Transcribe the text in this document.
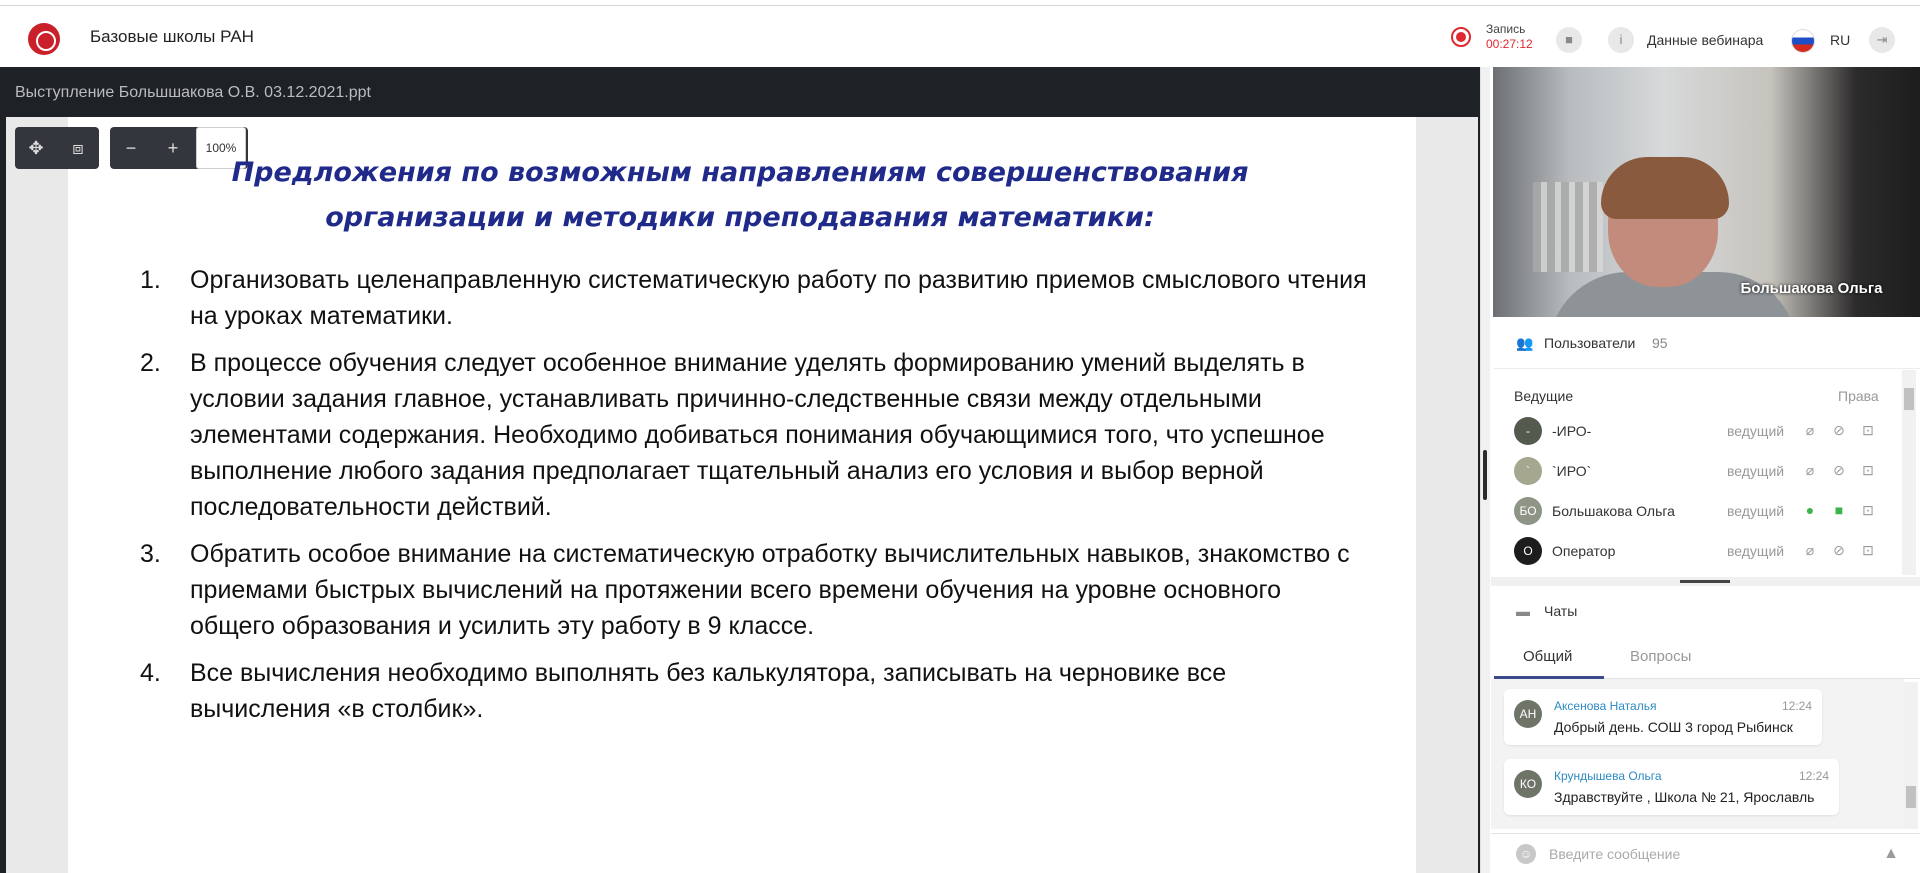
Базовые школы РАН	Запись
00:27:12	■	i	Данные вебинара	RU	⇥
Выступление Большшакова О.В. 03.12.2021.ppt
✥	⧈	−	+	100%
Предложения по возможным направлениям совершенствования
организации и методики преподавания математики:
1. Организовать целенаправленную систематическую работу по развитию приемов смыслового чтения на уроках математики.
2. В процессе обучения следует особенное внимание уделять формированию умений выделять в условии задания главное, устанавливать причинно-следственные связи между отдельными элементами содержания. Необходимо добиваться понимания обучающимися того, что успешное выполнение любого задания предполагает тщательный анализ его условия и выбор верной последовательности действий.
3. Обратить особое внимание на систематическую отработку вычислительных навыков, знакомство с приемами быстрых вычислений на протяжении всего времени обучения на уровне основного общего образования и усилить эту работу в 9 классе.
4. Все вычисления необходимо выполнять без калькулятора, записывать на черновике все вычисления «в столбик».
Большакова Ольга
👥 Пользователи 95
Ведущие	Права
-	-ИРО-	ведущий	⌀	⊘ ⊡
`	`ИРО`	ведущий	⌀	⊘ ⊡
БО	Большакова Ольга	ведущий	●	■	⊡
О	Оператор	ведущий	⌀	⊘ ⊡
▬ Чаты
Общий	Вопросы
АН
Аксенова Наталья	12:24
Добрый день. СОШ 3 город Рыбинск
КО
Крундышева Ольга	12:24
Здравствуйте , Школа № 21, Ярославль
☺
Введите сообщение	▲
